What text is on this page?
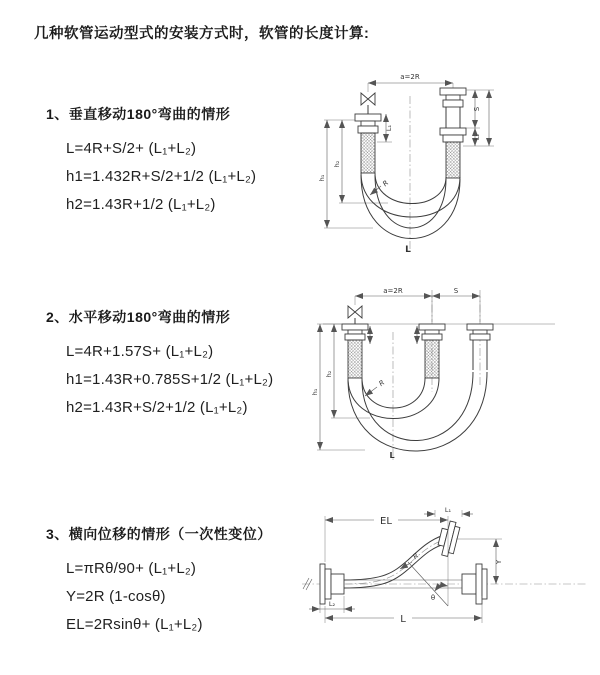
几种软管运动型式的安装方式时，软管的长度计算:
1、垂直移动180°弯曲的情形
L=4R+S/2+ (L₁+L₂)
h1=1.432R+S/2+1/2 (L₁+L₂)
h2=1.43R+1/2 (L₁+L₂)
2、水平移动180°弯曲的情形
L=4R+1.57S+ (L₁+L₂)
h1=1.43R+0.785S+1/2 (L₁+L₂)
h2=1.43R+S/2+1/2 (L₁+L₂)
3、横向位移的情形（一次性变位）
L=πRθ/90+ (L₁+L₂)
Y=2R (1-cosθ)
EL=2Rsinθ+ (L₁+L₂)
a=2R
L₁
S
L₂
h₁
h₂
R
L
a=2R	S
h₁
h₂
R
L
EL
L₁
Y
R
θ
L₂
L
